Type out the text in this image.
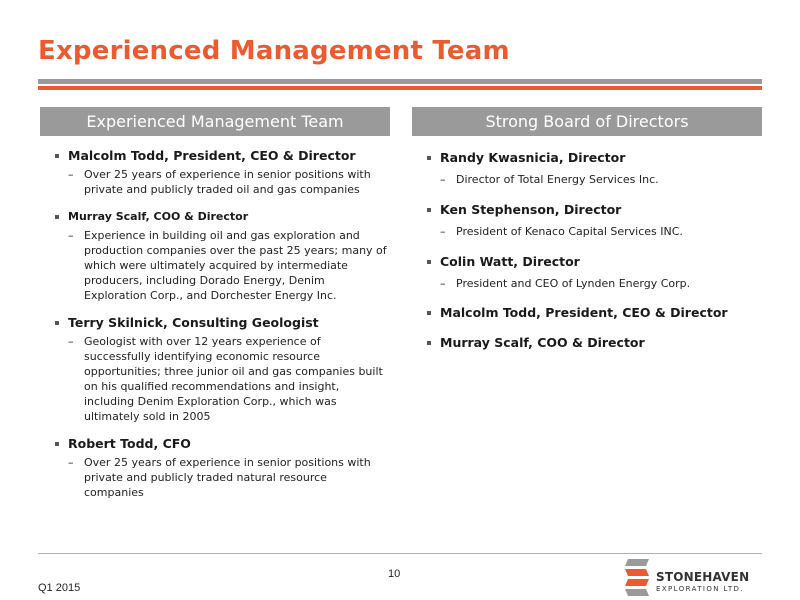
Experienced Management Team
Experienced Management Team
Malcolm Todd, President, CEO & Director
– Over 25 years of experience in senior positions with private and publicly traded oil and gas companies
Murray Scalf, COO & Director
– Experience in building oil and gas exploration and production companies over the past 25 years; many of which were ultimately acquired by intermediate producers, including Dorado Energy, Denim Exploration Corp., and Dorchester Energy Inc.
Terry Skilnick, Consulting Geologist
– Geologist with over 12 years experience of successfully identifying economic resource opportunities; three junior oil and gas companies built on his qualified recommendations and insight, including Denim Exploration Corp., which was ultimately sold in 2005
Robert Todd, CFO
– Over 25 years of experience in senior positions with private and publicly traded natural resource companies
Strong Board of Directors
Randy Kwasnicia, Director
– Director of Total Energy Services Inc.
Ken Stephenson, Director
– President of Kenaco Capital Services INC.
Colin Watt, Director
– President and CEO of Lynden Energy Corp.
Malcolm Todd, President, CEO & Director
Murray Scalf, COO & Director
10
Q1 2015
STONEHAVEN
EXPLORATION LTD.
